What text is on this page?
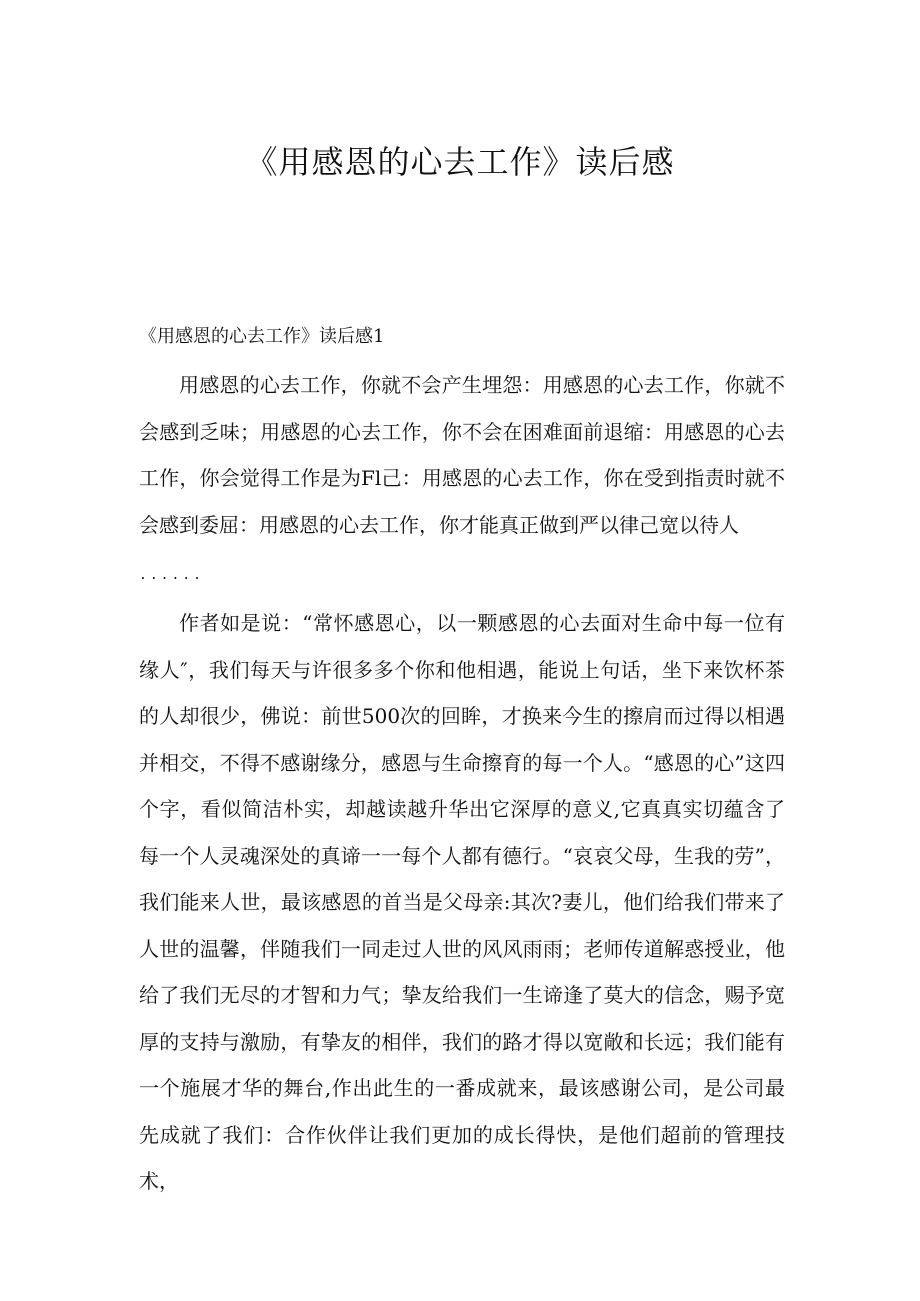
《用感恩的心去工作》读后感
《用感恩的心去工作》读后感1

用感恩的心去工作，你就不会产生埋怨：用感恩的心去工作，你就不会感到乏味；用感恩的心去工作，你不会在困难面前退缩：用感恩的心去工作，你会觉得工作是为Fl己：用感恩的心去工作，你在受到指责时就不会感到委屈：用感恩的心去工作，你才能真正做到严以律己宽以待人

......

作者如是说：“常怀感恩心，以一颗感恩的心去面对生命中每一位有缘人″，我们每天与许很多多个你和他相遇，能说上句话，坐下来饮杯茶的人却很少，佛说：前世500次的回眸，才换来今生的擦肩而过得以相遇并相交，不得不感谢缘分，感恩与生命擦育的每一个人。“感恩的心”这四个字，看似简洁朴实，却越读越升华出它深厚的意义,它真真实切蕴含了每一个人灵魂深处的真谛一一每个人都有德行。“哀哀父母，生我的劳”，我们能来人世，最该感恩的首当是父母亲:其次?妻儿，他们给我们带来了人世的温馨，伴随我们一同走过人世的风风雨雨；老师传道解惑授业，他给了我们无尽的才智和力气；挚友给我们一生谛逢了莫大的信念，赐予宽厚的支持与激励，有挚友的相伴，我们的路才得以宽敞和长远；我们能有一个施展才华的舞台,作出此生的一番成就来，最该感谢公司，是公司最先成就了我们：合作伙伴让我们更加的成长得快，是他们超前的管理技术，
